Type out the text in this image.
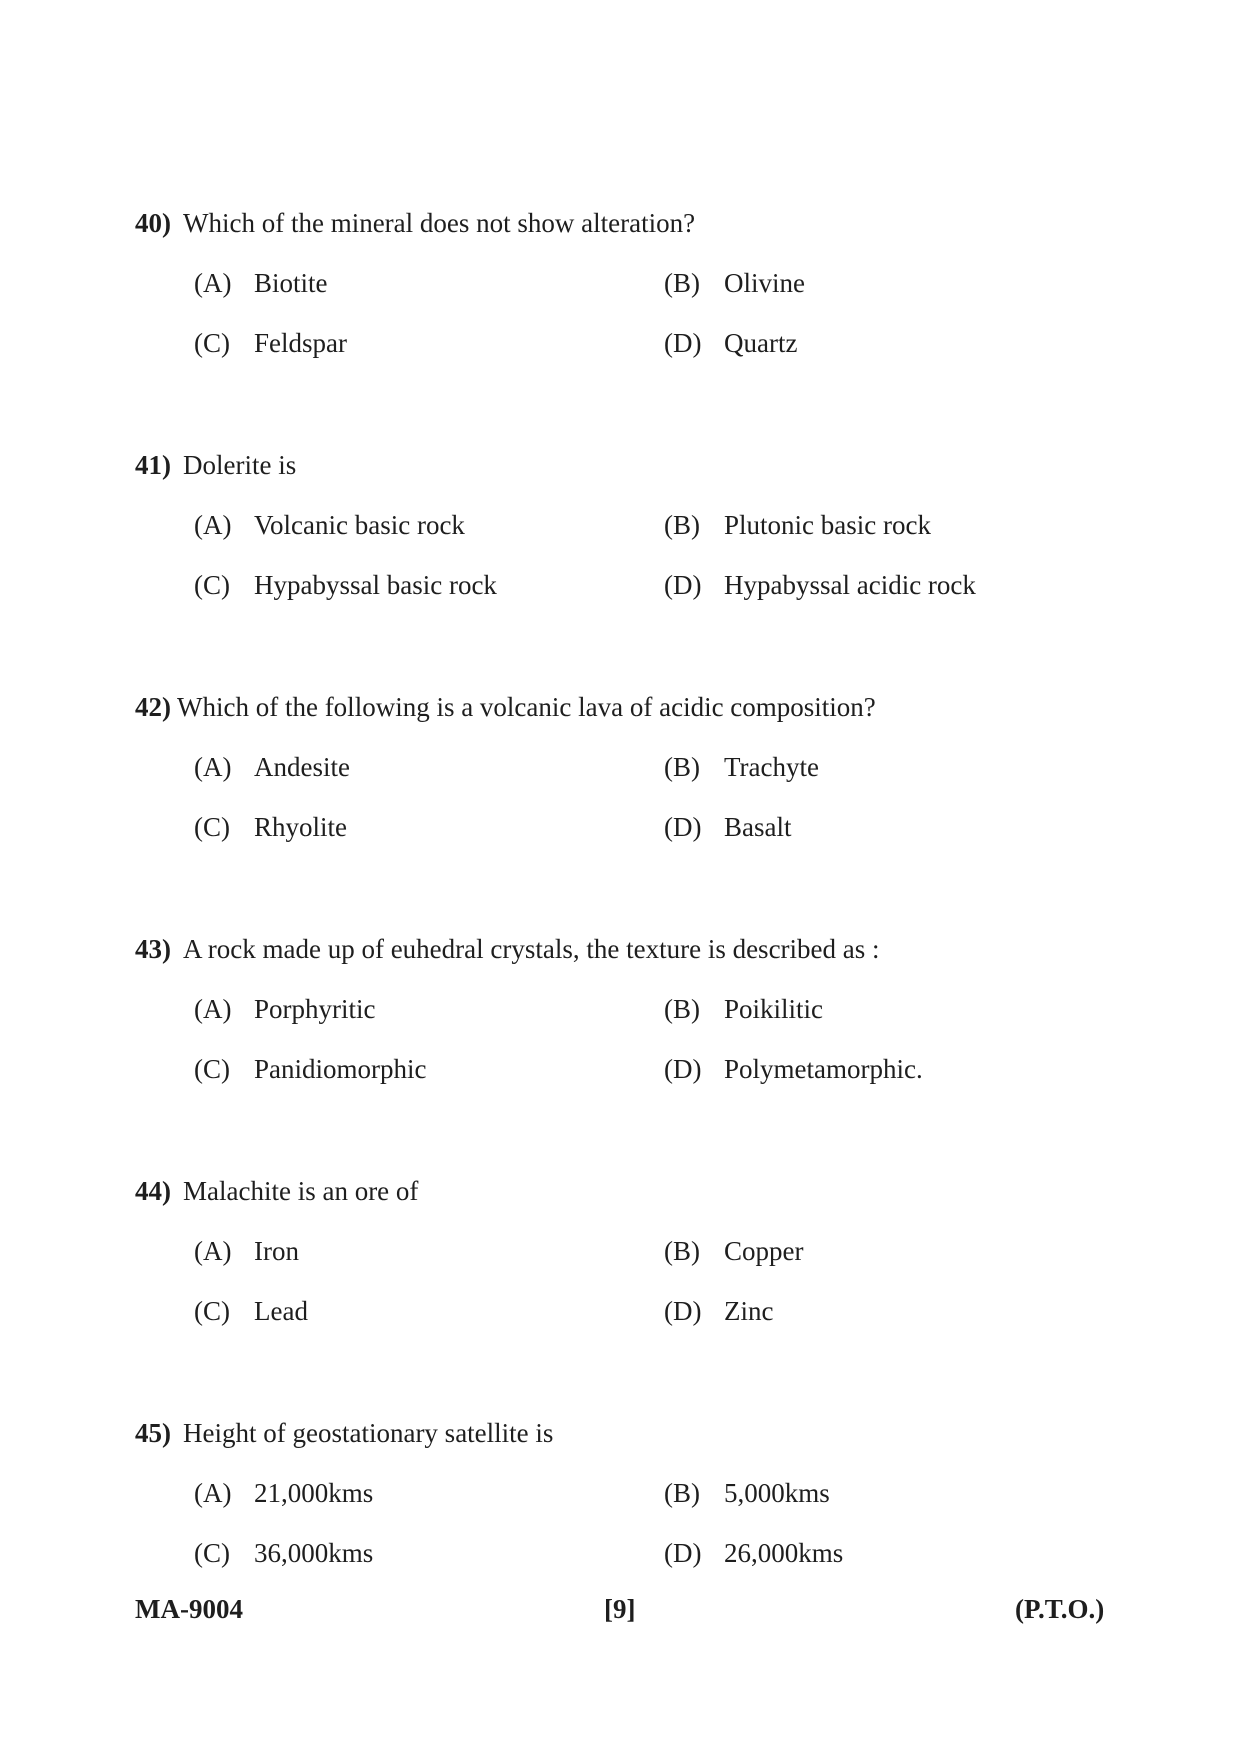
40) Which of the mineral does not show alteration?
(A) Biotite	(B) Olivine
(C) Feldspar	(D) Quartz
41) Dolerite is
(A) Volcanic basic rock	(B) Plutonic basic rock
(C) Hypabyssal basic rock	(D) Hypabyssal acidic rock
42) Which of the following is a volcanic lava of acidic composition?
(A) Andesite	(B) Trachyte
(C) Rhyolite	(D) Basalt
43) A rock made up of euhedral crystals, the texture is described as :
(A) Porphyritic	(B) Poikilitic
(C) Panidiomorphic	(D) Polymetamorphic.
44) Malachite is an ore of
(A) Iron	(B) Copper
(C) Lead	(D) Zinc
45) Height of geostationary satellite is
(A) 21,000kms	(B) 5,000kms
(C) 36,000kms	(D) 26,000kms
MA-9004	[9]	(P.T.O.)
